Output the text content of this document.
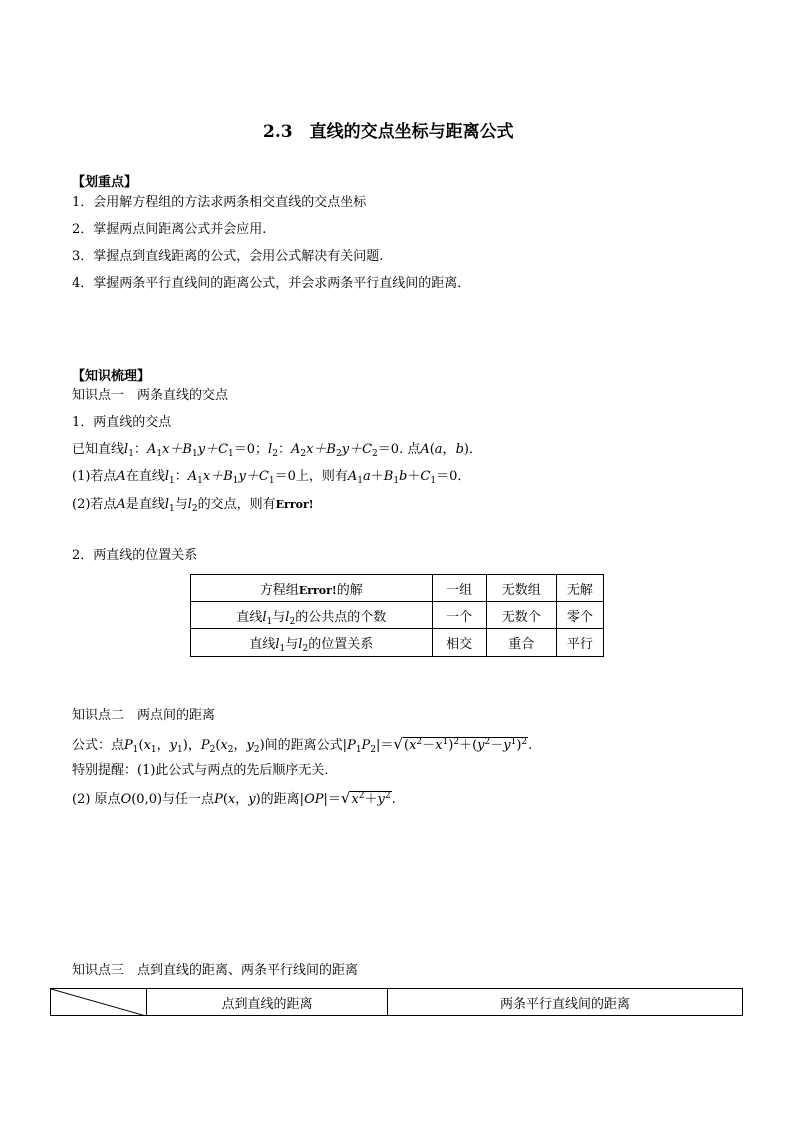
2.3　直线的交点坐标与距离公式
【划重点】
1．会用解方程组的方法求两条相交直线的交点坐标
2．掌握两点间距离公式并会应用.
3．掌握点到直线距离的公式，会用公式解决有关问题.
4．掌握两条平行直线间的距离公式，并会求两条平行直线间的距离．
【知识梳理】
知识点一　两条直线的交点
1．两直线的交点
已知直线$l_1$：$A_1x+B_1y+C_1=0$；$l_2$：$A_2x+B_2y+C_2=0$. 点A(a，b)．
(1)若点A在直线$l_1$：$A_1x+B_1y+C_1=0$上，则有$A_1a+B_1b+C_1=0$．
(2)若点A是直线$l_1$与$l_2$的交点，则有Error!
2．两直线的位置关系
方程组Error!的解	一组	无数组	无解
直线$l_1$与$l_2$的公共点的个数	一个	无数个	零个
直线$l_1$与$l_2$的位置关系	相交	重合	平行
知识点二　两点间的距离
公式：点$P_1(x_1$，$y_1$)，$P_2(x_2$，$y_2$)间的距离公式$|P_1P_2|=√(x^2-x^1)^2+(y^2-y^1)^2$.
特别提醒：(1)此公式与两点的先后顺序无关．
(2) 原点O(0,0)与任一点P(x，y)的距离$|OP|=√x^2+y^2$.
知识点三　点到直线的距离、两条平行线间的距离
	点到直线的距离	两条平行直线间的距离
